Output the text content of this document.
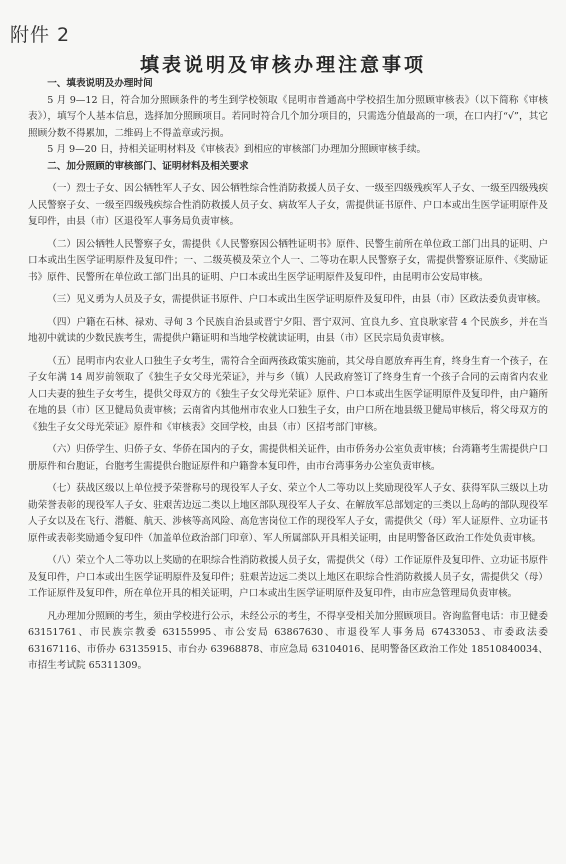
附件 2
填表说明及审核办理注意事项

一、填表说明及办理时间

5 月 9—12 日，符合加分照顾条件的考生到学校领取《昆明市普通高中学校招生加分照顾审核表》（以下简称《审核表》），填写个人基本信息，选择加分照顾项目。若同时符合几个加分项目的，只需选分值最高的一项，在口内打“√”，其它照顾分数不得累加，二维码上不得盖章或污损。

5 月 9—20 日，持相关证明材料及《审核表》到相应的审核部门办理加分照顾审核手续。

二、加分照顾的审核部门、证明材料及相关要求

（一）烈士子女、因公牺牲军人子女、因公牺牲综合性消防救援人员子女、一级至四级残疾军人子女、一级至四级残疾人民警察子女、一级至四级残疾综合性消防救援人员子女、病故军人子女，需提供证书原件、户口本或出生医学证明原件及复印件，由县（市）区退役军人事务局负责审核。

（二）因公牺牲人民警察子女，需提供《人民警察因公牺牲证明书》原件、民警生前所在单位政工部门出具的证明、户口本或出生医学证明原件及复印件；一、二级英模及荣立个人一、二等功在职人民警察子女，需提供警察证原件、《奖励证书》原件、民警所在单位政工部门出具的证明、户口本或出生医学证明原件及复印件，由昆明市公安局审核。

（三）见义勇为人员及子女，需提供证书原件、户口本或出生医学证明原件及复印件，由县（市）区政法委负责审核。

（四）户籍在石林、禄劝、寻甸 3 个民族自治县或晋宁夕阳、晋宁双河、宜良九乡、宜良耿家营 4 个民族乡，并在当地初中就读的少数民族考生，需提供户籍证明和当地学校就读证明，由县（市）区民宗局负责审核。

（五）昆明市内农业人口独生子女考生，需符合全面两孩政策实施前，其父母自愿放弃再生育，终身生育一个孩子，在子女年满 14 周岁前领取了《独生子女父母光荣证》，并与乡（镇）人民政府签订了终身生育一个孩子合同的云南省内农业人口夫妻的独生子女考生，提供父母双方的《独生子女父母光荣证》原件、户口本或出生医学证明原件及复印件，由户籍所在地的县（市）区卫健局负责审核；云南省内其他州市农业人口独生子女，由户口所在地县级卫健局审核后，将父母双方的《独生子女父母光荣证》原件和《审核表》交回学校，由县（市）区招考部门审核。

（六）归侨学生、归侨子女、华侨在国内的子女，需提供相关证件，由市侨务办公室负责审核；台湾籍考生需提供户口册原件和台胞证，台胞考生需提供台胞证原件和户籍誊本复印件，由市台湾事务办公室负责审核。

（七）获战区级以上单位授予荣誉称号的现役军人子女、荣立个人二等功以上奖励现役军人子女、获得军队三级以上功勋荣誉表彰的现役军人子女、驻艰苦边远二类以上地区部队现役军人子女、在解放军总部划定的三类以上岛屿的部队现役军人子女以及在飞行、潜艇、航天、涉核等高风险、高危害岗位工作的现役军人子女，需提供父（母）军人证原件、立功证书原件或表彰奖励通令复印件（加盖单位政治部门印章）、军人所属部队开具相关证明，由昆明警备区政治工作处负责审核。

（八）荣立个人二等功以上奖励的在职综合性消防救援人员子女，需提供父（母）工作证原件及复印件、立功证书原件及复印件，户口本或出生医学证明原件及复印件；驻艰苦边远二类以上地区在职综合性消防救援人员子女，需提供父（母）工作证原件及复印件，所在单位开具的相关证明，户口本或出生医学证明原件及复印件，由市应急管理局负责审核。

凡办理加分照顾的考生，须由学校进行公示，未经公示的考生，不得享受相关加分照顾项目。咨询监督电话：市卫健委 63151761、市民族宗教委 63155995、市公安局 63867630、市退役军人事务局 67433053、市委政法委 63167116、市侨办 63135915、市台办 63968878、市应急局 63104016、昆明警备区政治工作处 18510840034、市招生考试院 65311309。
